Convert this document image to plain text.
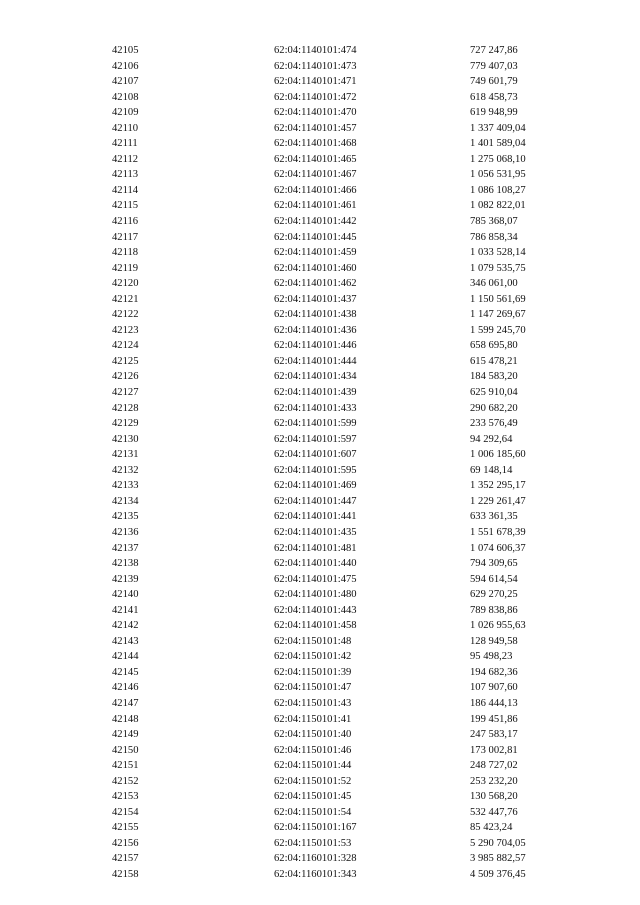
42105	62:04:1140101:474	727 247,86
42106	62:04:1140101:473	779 407,03
42107	62:04:1140101:471	749 601,79
42108	62:04:1140101:472	618 458,73
42109	62:04:1140101:470	619 948,99
42110	62:04:1140101:457	1 337 409,04
42111	62:04:1140101:468	1 401 589,04
42112	62:04:1140101:465	1 275 068,10
42113	62:04:1140101:467	1 056 531,95
42114	62:04:1140101:466	1 086 108,27
42115	62:04:1140101:461	1 082 822,01
42116	62:04:1140101:442	785 368,07
42117	62:04:1140101:445	786 858,34
42118	62:04:1140101:459	1 033 528,14
42119	62:04:1140101:460	1 079 535,75
42120	62:04:1140101:462	346 061,00
42121	62:04:1140101:437	1 150 561,69
42122	62:04:1140101:438	1 147 269,67
42123	62:04:1140101:436	1 599 245,70
42124	62:04:1140101:446	658 695,80
42125	62:04:1140101:444	615 478,21
42126	62:04:1140101:434	184 583,20
42127	62:04:1140101:439	625 910,04
42128	62:04:1140101:433	290 682,20
42129	62:04:1140101:599	233 576,49
42130	62:04:1140101:597	94 292,64
42131	62:04:1140101:607	1 006 185,60
42132	62:04:1140101:595	69 148,14
42133	62:04:1140101:469	1 352 295,17
42134	62:04:1140101:447	1 229 261,47
42135	62:04:1140101:441	633 361,35
42136	62:04:1140101:435	1 551 678,39
42137	62:04:1140101:481	1 074 606,37
42138	62:04:1140101:440	794 309,65
42139	62:04:1140101:475	594 614,54
42140	62:04:1140101:480	629 270,25
42141	62:04:1140101:443	789 838,86
42142	62:04:1140101:458	1 026 955,63
42143	62:04:1150101:48	128 949,58
42144	62:04:1150101:42	95 498,23
42145	62:04:1150101:39	194 682,36
42146	62:04:1150101:47	107 907,60
42147	62:04:1150101:43	186 444,13
42148	62:04:1150101:41	199 451,86
42149	62:04:1150101:40	247 583,17
42150	62:04:1150101:46	173 002,81
42151	62:04:1150101:44	248 727,02
42152	62:04:1150101:52	253 232,20
42153	62:04:1150101:45	130 568,20
42154	62:04:1150101:54	532 447,76
42155	62:04:1150101:167	85 423,24
42156	62:04:1150101:53	5 290 704,05
42157	62:04:1160101:328	3 985 882,57
42158	62:04:1160101:343	4 509 376,45
